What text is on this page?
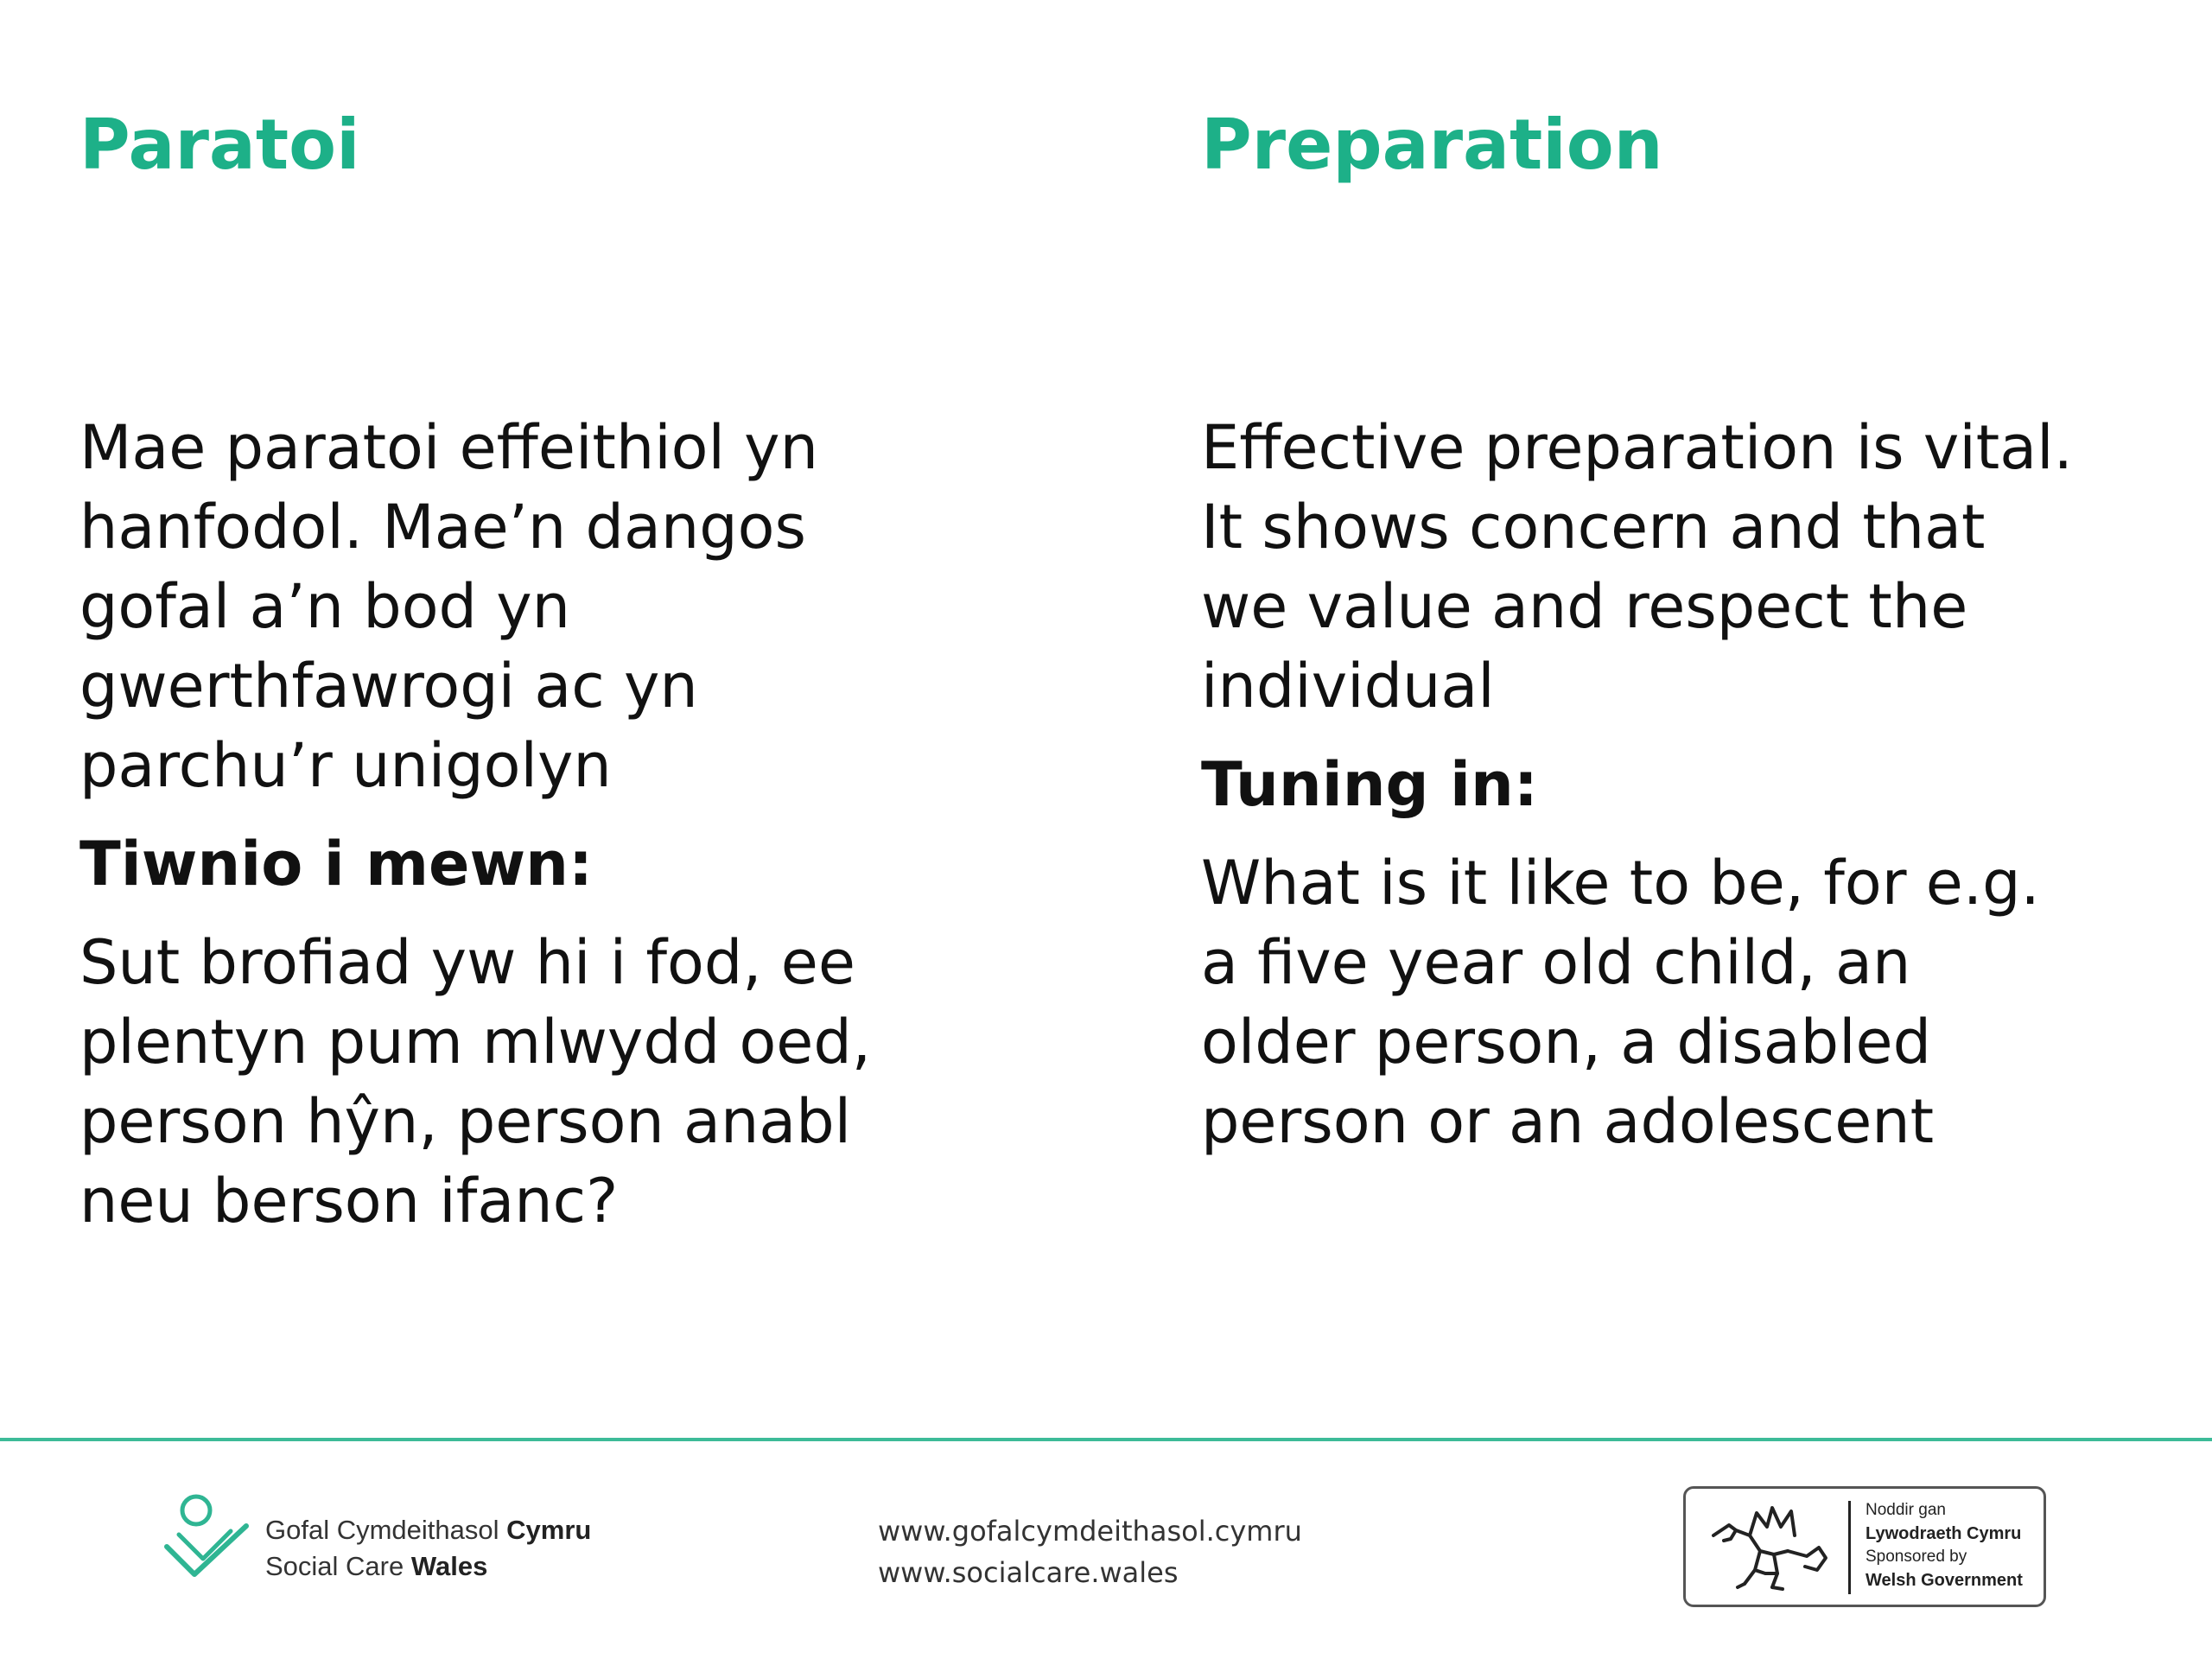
Paratoi

Mae paratoi effeithiol yn
hanfodol. Mae’n dangos
gofal a’n bod yn
gwerthfawrogi ac yn
parchu’r unigolyn

Tiwnio i mewn:

Sut brofiad yw hi i fod, ee plentyn pum mlwydd oed, person hŷn, person anabl neu berson ifanc?

Preparation

Effective preparation is vital.
It shows concern and that
we value and respect the
individual

Tuning in:

What is it like to be, for e.g. a five year old child, an older person, a disabled person or an adolescent

Gofal Cymdeithasol Cymru
Social Care Wales
www.gofalcymdeithasol.cymru
www.socialcare.wales
Noddir gan
Lywodraeth Cymru
Sponsored by
Welsh Government
